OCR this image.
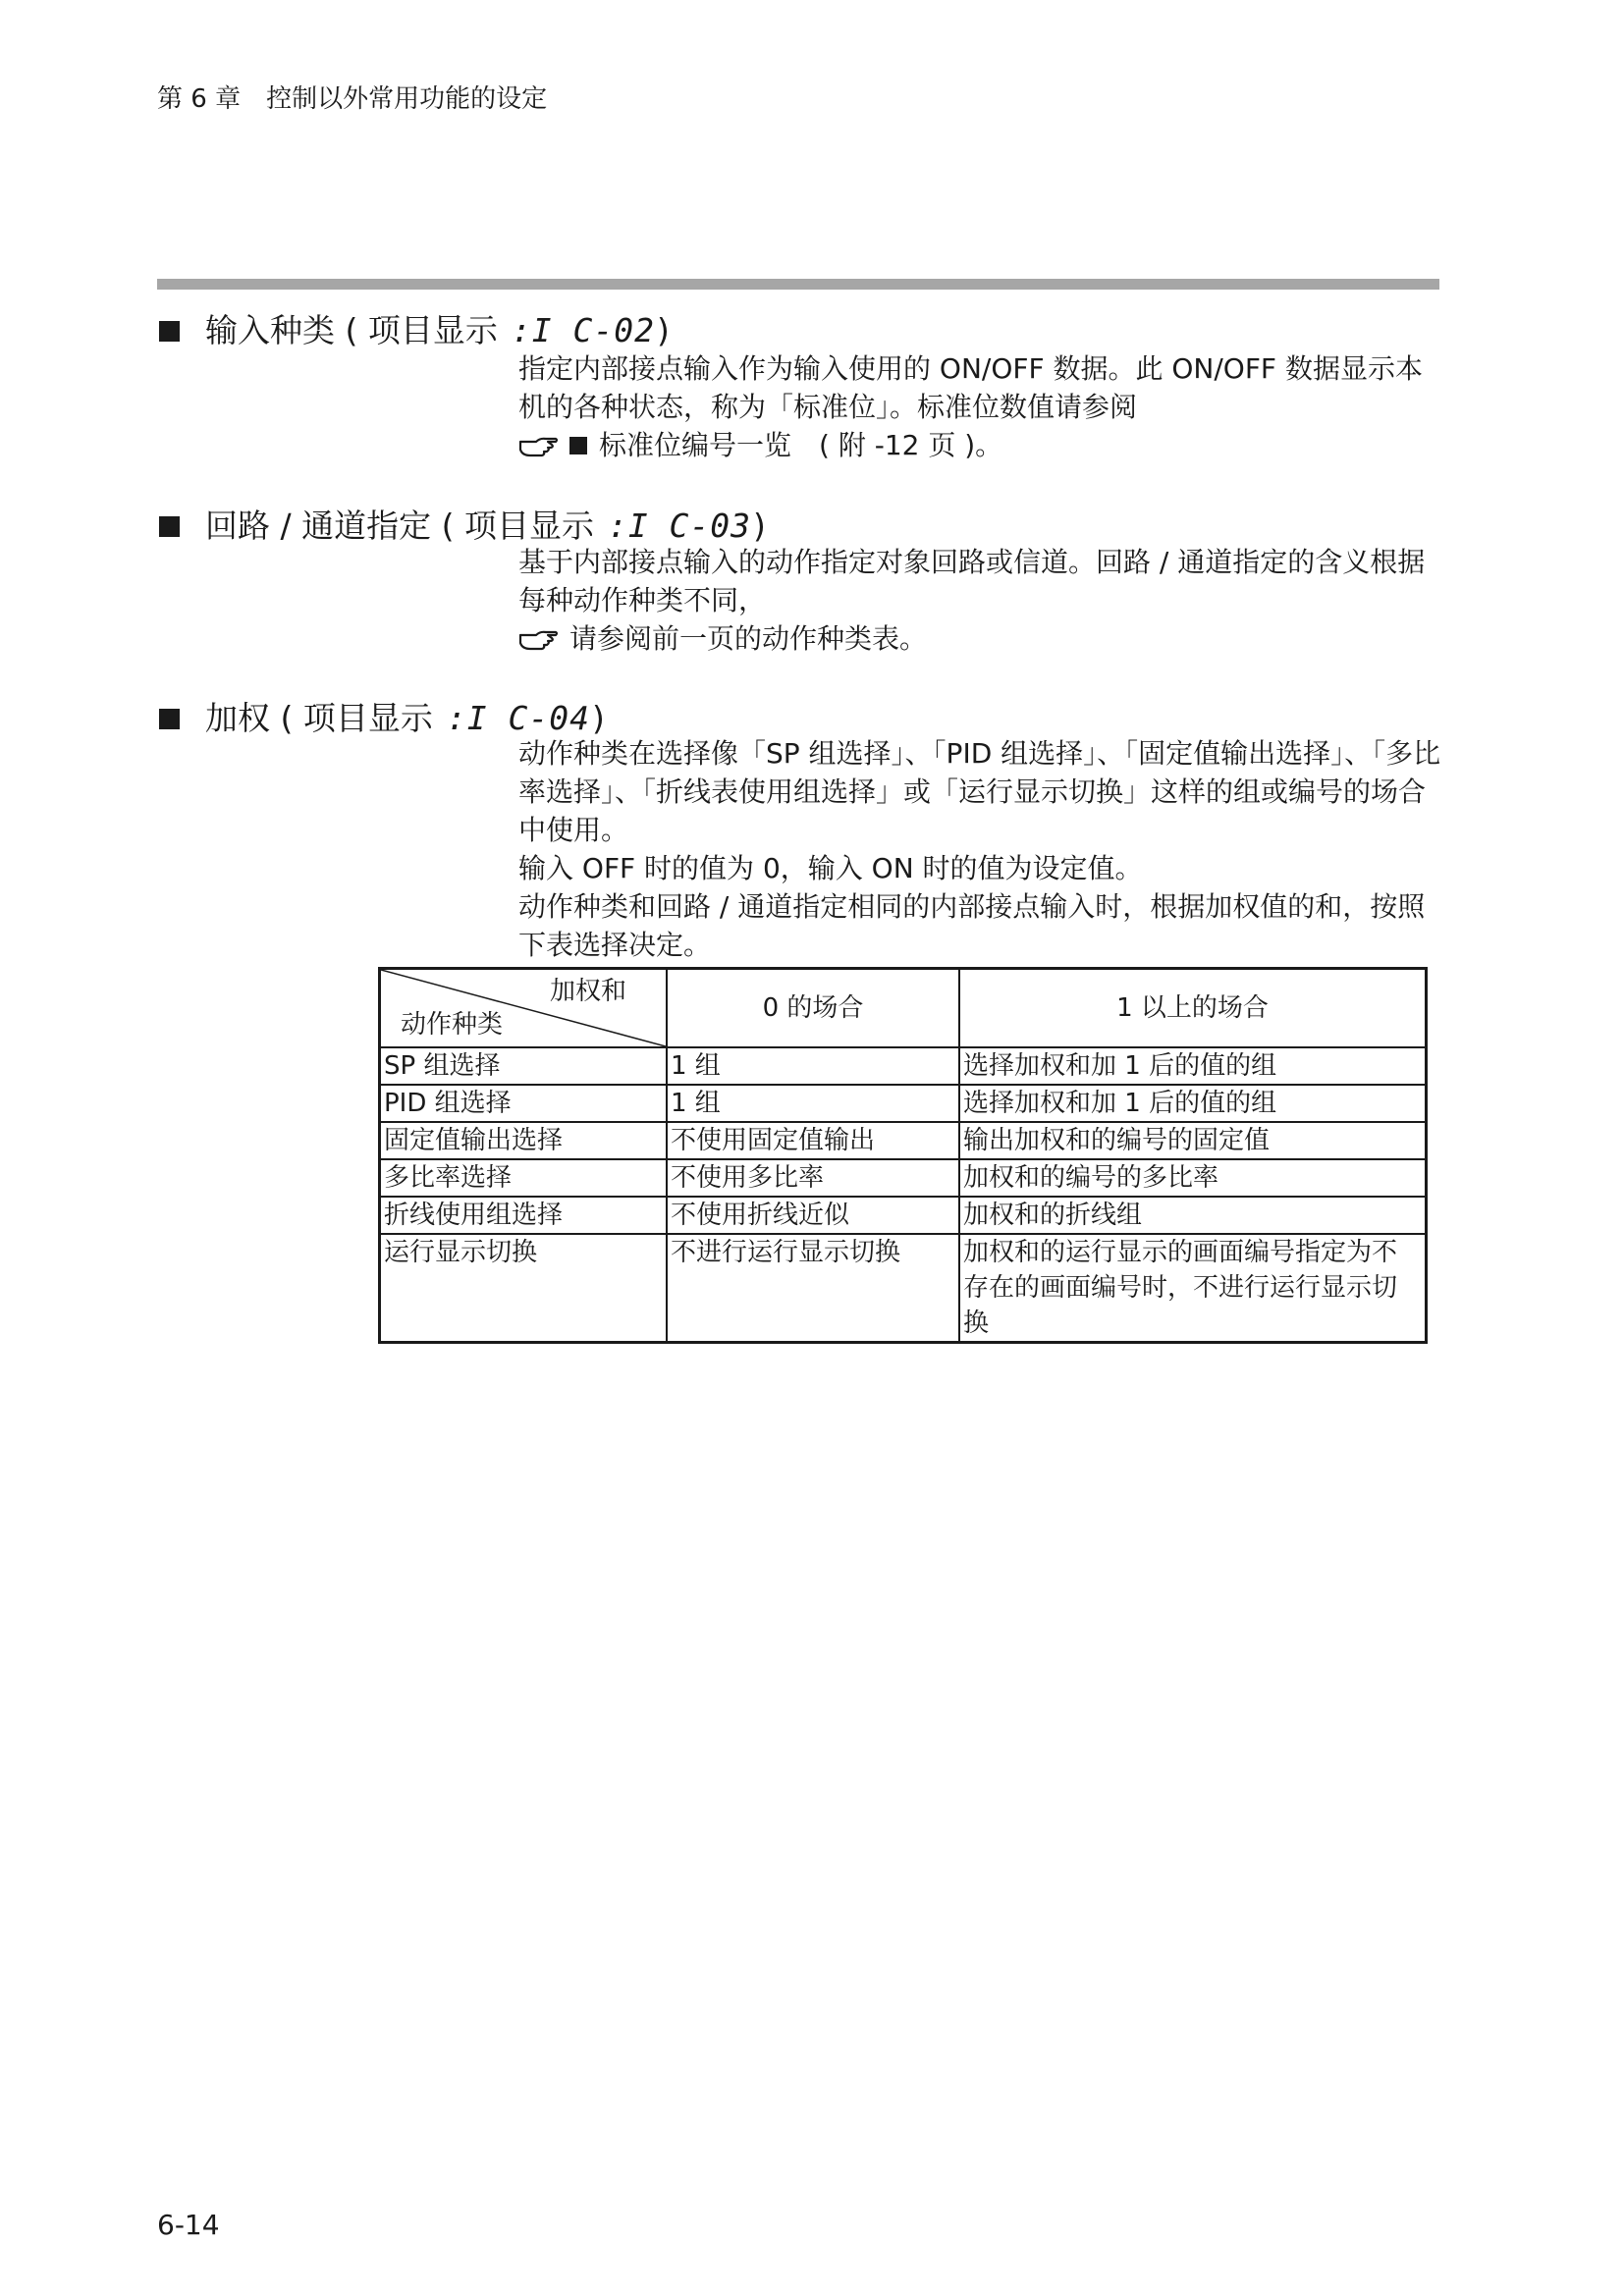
第 6 章　控制以外常用功能的设定
输入种类 ( 项目显示 :I C-02 )

指定内部接点输入作为输入使用的 ON/OFF 数据。此 ON/OFF 数据显示本机的各种状态，称为「标准位」。标准位数值请参阅

标准位编号一览　( 附 -12 页 )。
回路 / 通道指定 ( 项目显示 :I C-03 )

基于内部接点输入的动作指定对象回路或信道。回路 / 通道指定的含义根据每种动作种类不同，

请参阅前一页的动作种类表。
加权 ( 项目显示 :I C-04 )

动作种类在选择像「SP 组选择」、「PID 组选择」、「固定值输出选择」、「多比率选择」、「折线表使用组选择」或「运行显示切换」这样的组或编号的场合中使用。

输入 OFF 时的值为 0，输入 ON 时的值为设定值。

动作种类和回路 / 通道指定相同的内部接点输入时，根据加权值的和，按照下表选择决定。

加权和
动作种类	0 的场合	1 以上的场合
SP 组选择	1 组	选择加权和加 1 后的值的组
PID 组选择	1 组	选择加权和加 1 后的值的组
固定值输出选择	不使用固定值输出	输出加权和的编号的固定值
多比率选择	不使用多比率	加权和的编号的多比率
折线使用组选择	不使用折线近似	加权和的折线组
运行显示切换	不进行运行显示切换	加权和的运行显示的画面编号指定为不存在的画面编号时，不进行运行显示切换
6-14
